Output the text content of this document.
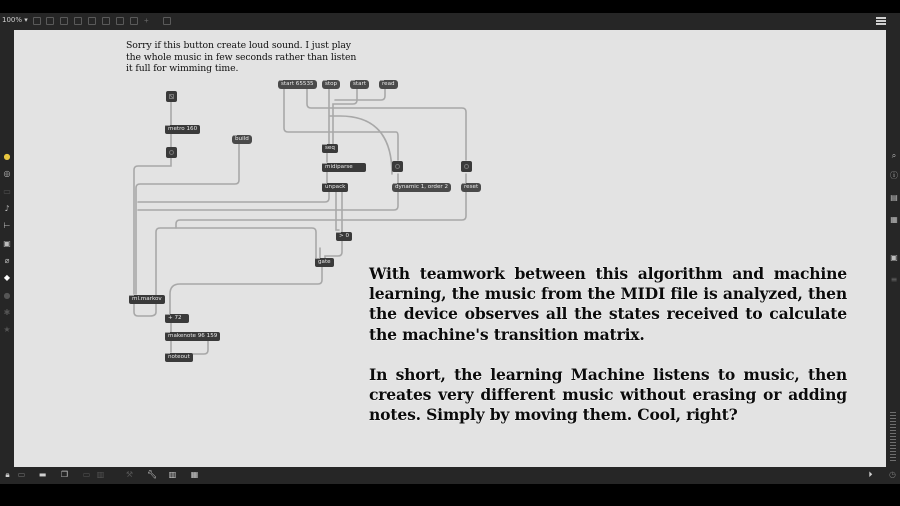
100% ▾	+
●
◎
▭
♪
⊢
▣
⌀
◆
●
✱
★
⌕
ⓘ
▤
▦
▣
≡
Sorry if this button create loud sound. I just play the whole music in few seconds rather than listen it full for wimming time.
With teamwork between this algorithm and machine learning, the music from the MIDI file is analyzed, then the device observes all the states received to calculate the machine's transition matrix.
In short, the learning Machine listens to music, then creates very different music without erasing or adding notes. Simply by moving them. Cool, right?
start 65535	stop	start	read
metro 160
build
seq
midiparse
unpack	dynamic 1, order 2	reset
> 0
gate
ml.markov
+ 72
makenote 96 159
noteout
🔒︎ ▭ ▬ ❐ ▭ ▥	⚒ 🔧︎ ▥ ▦	⏵	◷
